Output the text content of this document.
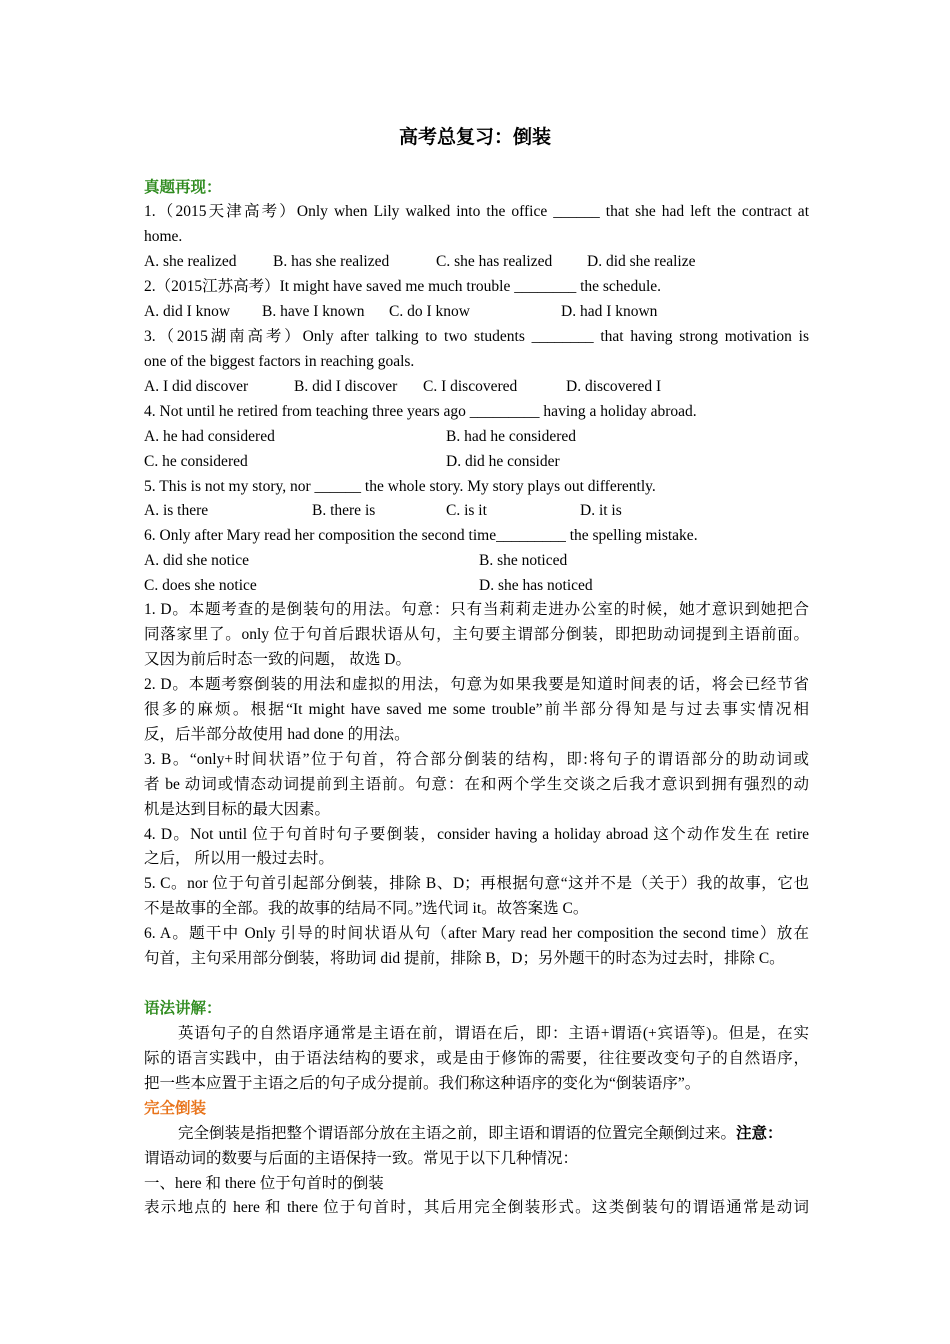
高考总复习：倒装
真题再现：
1.（2015天津高考）Only when Lily walked into the office ______ that she had left the contract at
home.
A. she realized B. has she realized	C. she has realized D. did she realize
2.（2015江苏高考）It might have saved me much trouble ________ the schedule.
A. did I know B. have I known C. do I know	D. had I known
3.（2015湖南高考）Only after talking to two students ________ that having strong motivation is
one of the biggest factors in reaching goals.
A. I did discover	B. did I discover C. I discovered	D. discovered I
4. Not until he retired from teaching three years ago _________ having a holiday abroad.
A. he had considered	B. had he considered
C. he considered	D. did he consider
5. This is not my story, nor ______ the whole story. My story plays out differently.
A. is there	B. there is	C. is it	D. it is
6. Only after Mary read her composition the second time_________ the spelling mistake.
A. did she notice	B. she noticed
C. does she notice	D. she has noticed
1. D。本题考查的是倒装句的用法。句意：只有当莉莉走进办公室的时候，她才意识到她把合
同落家里了。only 位于句首后跟状语从句，主句要主谓部分倒装，即把助动词提到主语前面。
又因为前后时态一致的问题， 故选 D。
2. D。本题考察倒装的用法和虚拟的用法，句意为如果我要是知道时间表的话，将会已经节省
很多的麻烦。根据“It might have saved me some trouble”前半部分得知是与过去事实情况相
反，后半部分故使用 had done 的用法。
3. B。“only+时间状语”位于句首，符合部分倒装的结构，即:将句子的谓语部分的助动词或
者 be 动词或情态动词提前到主语前。句意：在和两个学生交谈之后我才意识到拥有强烈的动
机是达到目标的最大因素。
4. D。Not until 位于句首时句子要倒装，consider having a holiday abroad 这个动作发生在 retire
之后， 所以用一般过去时。
5. C。nor 位于句首引起部分倒装，排除 B、D；再根据句意“这并不是（关于）我的故事，它也
不是故事的全部。我的故事的结局不同。”选代词 it。故答案选 C。
6. A。题干中 Only 引导的时间状语从句（after Mary read her composition the second time）放在
句首，主句采用部分倒装，将助词 did 提前，排除 B，D；另外题干的时态为过去时，排除 C。
语法讲解：
英语句子的自然语序通常是主语在前，谓语在后，即：主语+谓语(+宾语等)。但是，在实
际的语言实践中，由于语法结构的要求，或是由于修饰的需要，往往要改变句子的自然语序，
把一些本应置于主语之后的句子成分提前。我们称这种语序的变化为“倒装语序”。
完全倒装
完全倒装是指把整个谓语部分放在主语之前，即主语和谓语的位置完全颠倒过来。注意：
谓语动词的数要与后面的主语保持一致。常见于以下几种情况：
一、here 和 there 位于句首时的倒装
表示地点的 here 和 there 位于句首时，其后用完全倒装形式。这类倒装句的谓语通常是动词
